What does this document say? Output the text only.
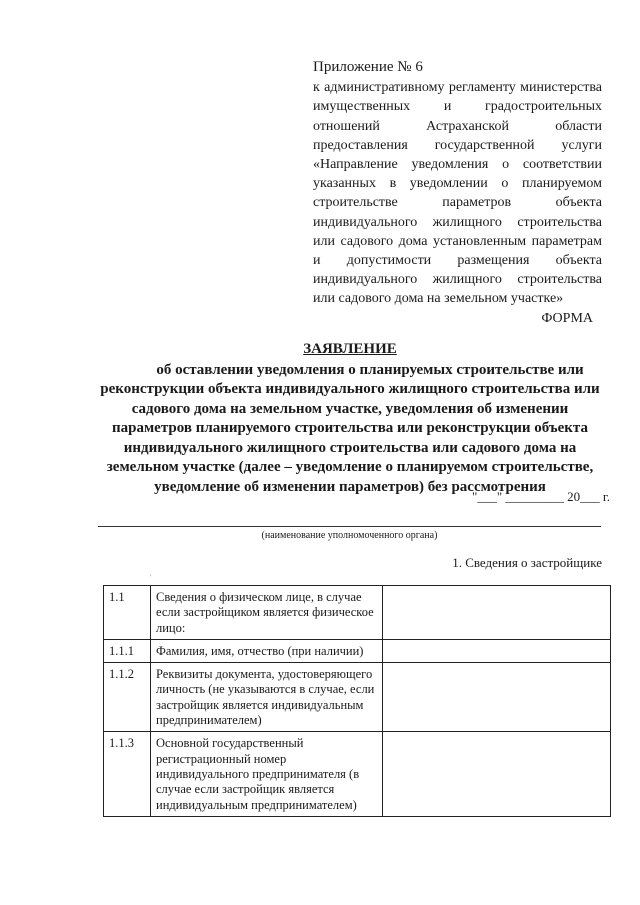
Приложение № 6
к административному регламенту министерства имущественных и градостроительных отношений Астраханской области предоставления государственной услуги «Направление уведомления о соответствии указанных в уведомлении о планируемом строительстве параметров объекта индивидуального жилищного строительства или садового дома установленным параметрам и допустимости размещения объекта индивидуального жилищного строительства или садового дома на земельном участке»
ФОРМА
ЗАЯВЛЕНИЕ

об оставлении уведомления о планируемых строительстве или реконструкции объекта индивидуального жилищного строительства или садового дома на земельном участке, уведомления об изменении параметров планируемого строительства или реконструкции объекта индивидуального жилищного строительства или садового дома на земельном участке (далее – уведомление о планируемом строительстве, уведомление об изменении параметров) без рассмотрения

"___" _________ 20___ г.
(наименование уполномоченного органа)
1. Сведения о застройщике
'
1.1	Сведения о физическом лице, в случае если застройщиком является физическое лицо:	
1.1.1	Фамилия, имя, отчество (при наличии)	
1.1.2	Реквизиты документа, удостоверяющего личность (не указываются в случае, если застройщик является индивидуальным предпринимателем)	
1.1.3	Основной государственный регистрационный номер индивидуального предпринимателя (в случае если застройщик является индивидуальным предпринимателем)	
